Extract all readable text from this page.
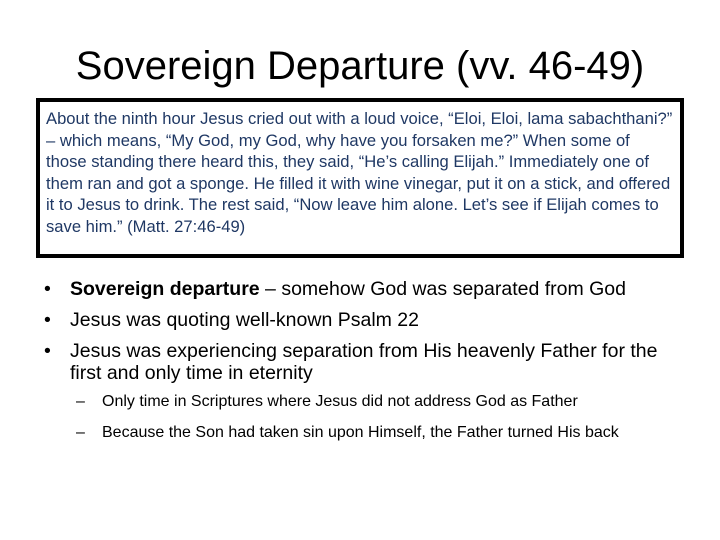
Sovereign Departure (vv. 46-49)

About the ninth hour Jesus cried out with a loud voice, “Eloi, Eloi, lama sabachthani?” – which means, “My God, my God, why have you forsaken me?” When some of those standing there heard this, they said, “He’s calling Elijah.” Immediately one of them ran and got a sponge. He filled it with wine vinegar, put it on a stick, and offered it to Jesus to drink. The rest said, “Now leave him alone. Let’s see if Elijah comes to save him.” (Matt. 27:46-49)

• Sovereign departure – somehow God was separated from God
• Jesus was quoting well-known Psalm 22
• Jesus was experiencing separation from His heavenly Father for the first and only time in eternity
– Only time in Scriptures where Jesus did not address God as Father
– Because the Son had taken sin upon Himself, the Father turned His back
